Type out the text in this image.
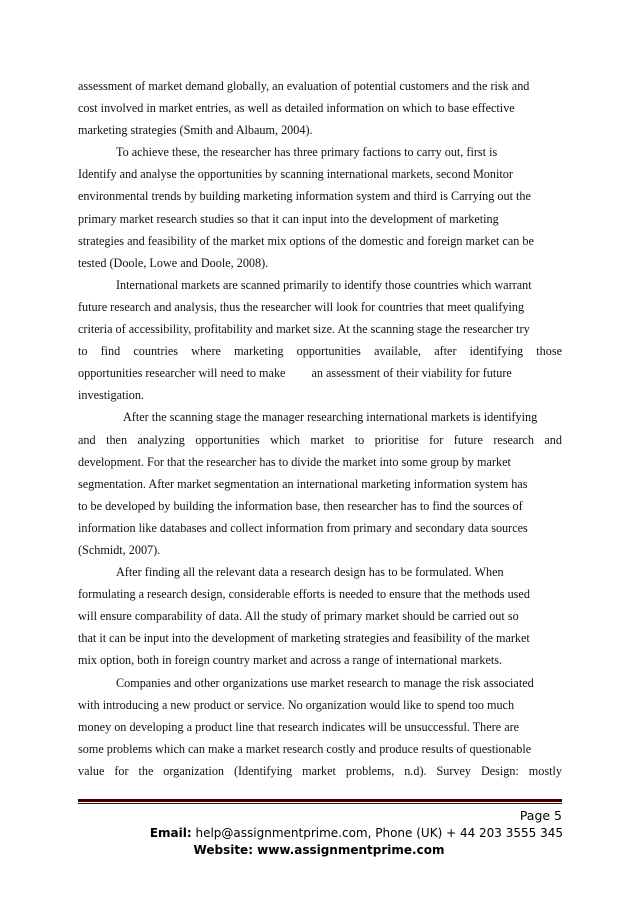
assessment of market demand globally, an evaluation of potential customers and the risk and
cost involved in market entries, as well as detailed information on which to base effective
marketing strategies (Smith and Albaum, 2004).

To achieve these, the researcher has three primary factions to carry out, first is
Identify and analyse the opportunities by scanning international markets, second Monitor
environmental trends by building marketing information system and third is Carrying out the
primary market research studies so that it can input into the development of marketing
strategies and feasibility of the market mix options of the domestic and foreign market can be
tested (Doole, Lowe and Doole, 2008).

International markets are scanned primarily to identify those countries which warrant
future research and analysis, thus the researcher will look for countries that meet qualifying
criteria of accessibility, profitability and market size. At the scanning stage the researcher try
to find countries where marketing opportunities available, after identifying those
opportunities researcher will need to make an assessment of their viability for future
investigation.

After the scanning stage the manager researching international markets is identifying
and then analyzing opportunities which market to prioritise for future research and
development. For that the researcher has to divide the market into some group by market
segmentation. After market segmentation an international marketing information system has
to be developed by building the information base, then researcher has to find the sources of
information like databases and collect information from primary and secondary data sources
(Schmidt, 2007).

After finding all the relevant data a research design has to be formulated. When
formulating a research design, considerable efforts is needed to ensure that the methods used
will ensure comparability of data. All the study of primary market should be carried out so
that it can be input into the development of marketing strategies and feasibility of the market
mix option, both in foreign country market and across a range of international markets.

Companies and other organizations use market research to manage the risk associated
with introducing a new product or service. No organization would like to spend too much
money on developing a product line that research indicates will be unsuccessful. There are
some problems which can make a market research costly and produce results of questionable
value for the organization (Identifying market problems, n.d). Survey Design: mostly

Page 5
Email: help@assignmentprime.com, Phone (UK) + 44 203 3555 345
Website: www.assignmentprime.com
